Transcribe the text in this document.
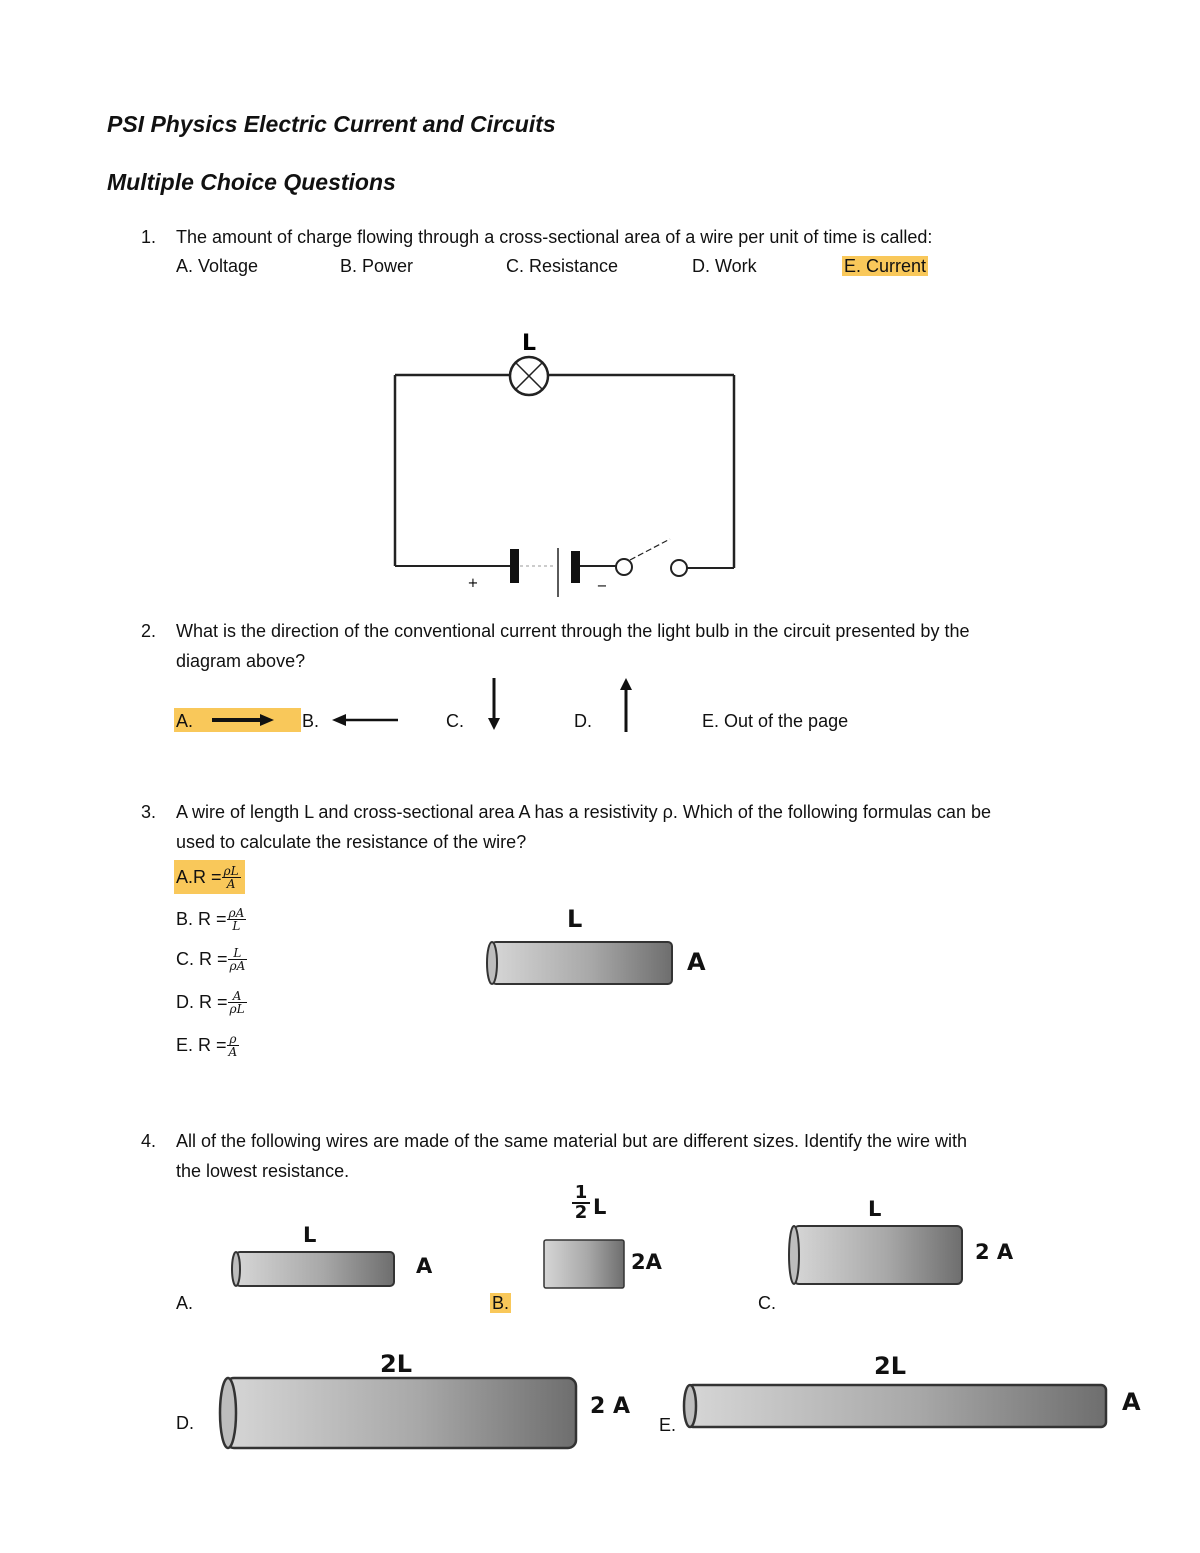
PSI Physics Electric Current and Circuits
Multiple Choice Questions
1. The amount of charge flowing through a cross-sectional area of a wire per unit of time is called:
A. Voltage	B. Power	C. Resistance	D. Work	E. Current
L
+	−
2. What is the direction of the conventional current through the light bulb in the circuit presented by the
diagram above?
A.	B.	C.	D.	E. Out of the page
3. A wire of length L and cross-sectional area A has a resistivity ρ. Which of the following formulas can be
used to calculate the resistance of the wire?
$A.R = \frac{\rho L}{A}$
B. $R = \frac{\rho A}{L}$
C. $R = \frac{L}{\rho A}$
D. $R = \frac{A}{\rho L}$
E. $R = \frac{\rho}{A}$
L
A
4. All of the following wires are made of the same material but are different sizes. Identify the wire with
the lowest resistance.
L
A
A.
$\frac{1}{2}$ L
2A
B.
L
2 A
C.
2L
2 A
D.
2L
A
E.
